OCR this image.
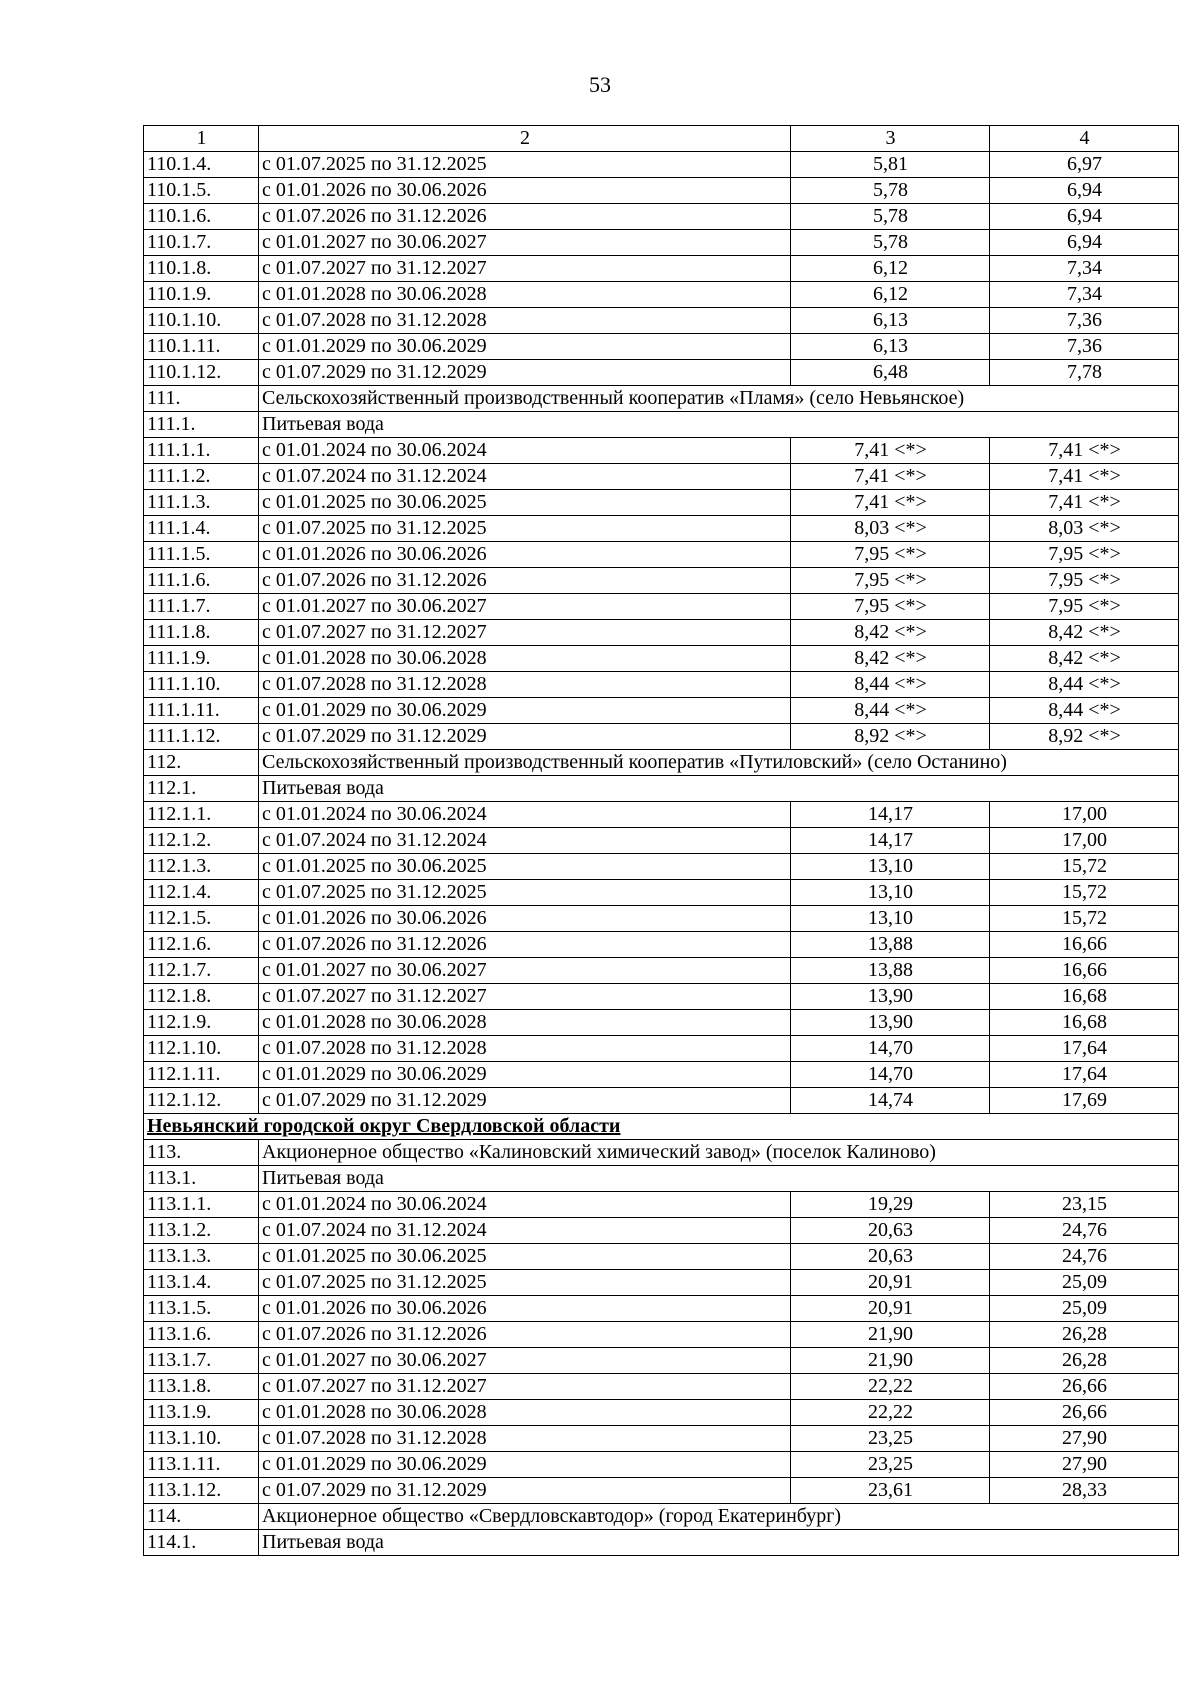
53
1	2	3	4
110.1.4.	с 01.07.2025 по 31.12.2025	5,81	6,97
110.1.5.	с 01.01.2026 по 30.06.2026	5,78	6,94
110.1.6.	с 01.07.2026 по 31.12.2026	5,78	6,94
110.1.7.	с 01.01.2027 по 30.06.2027	5,78	6,94
110.1.8.	с 01.07.2027 по 31.12.2027	6,12	7,34
110.1.9.	с 01.01.2028 по 30.06.2028	6,12	7,34
110.1.10.	с 01.07.2028 по 31.12.2028	6,13	7,36
110.1.11.	с 01.01.2029 по 30.06.2029	6,13	7,36
110.1.12.	с 01.07.2029 по 31.12.2029	6,48	7,78
111.	Сельскохозяйственный производственный кооператив «Пламя» (село Невьянское)		
111.1.	Питьевая вода		
111.1.1.	с 01.01.2024 по 30.06.2024	7,41 <*>	7,41 <*>
111.1.2.	с 01.07.2024 по 31.12.2024	7,41 <*>	7,41 <*>
111.1.3.	с 01.01.2025 по 30.06.2025	7,41 <*>	7,41 <*>
111.1.4.	с 01.07.2025 по 31.12.2025	8,03 <*>	8,03 <*>
111.1.5.	с 01.01.2026 по 30.06.2026	7,95 <*>	7,95 <*>
111.1.6.	с 01.07.2026 по 31.12.2026	7,95 <*>	7,95 <*>
111.1.7.	с 01.01.2027 по 30.06.2027	7,95 <*>	7,95 <*>
111.1.8.	с 01.07.2027 по 31.12.2027	8,42 <*>	8,42 <*>
111.1.9.	с 01.01.2028 по 30.06.2028	8,42 <*>	8,42 <*>
111.1.10.	с 01.07.2028 по 31.12.2028	8,44 <*>	8,44 <*>
111.1.11.	с 01.01.2029 по 30.06.2029	8,44 <*>	8,44 <*>
111.1.12.	с 01.07.2029 по 31.12.2029	8,92 <*>	8,92 <*>
112.	Сельскохозяйственный производственный кооператив «Путиловский» (село Останино)		
112.1.	Питьевая вода		
112.1.1.	с 01.01.2024 по 30.06.2024	14,17	17,00
112.1.2.	с 01.07.2024 по 31.12.2024	14,17	17,00
112.1.3.	с 01.01.2025 по 30.06.2025	13,10	15,72
112.1.4.	с 01.07.2025 по 31.12.2025	13,10	15,72
112.1.5.	с 01.01.2026 по 30.06.2026	13,10	15,72
112.1.6.	с 01.07.2026 по 31.12.2026	13,88	16,66
112.1.7.	с 01.01.2027 по 30.06.2027	13,88	16,66
112.1.8.	с 01.07.2027 по 31.12.2027	13,90	16,68
112.1.9.	с 01.01.2028 по 30.06.2028	13,90	16,68
112.1.10.	с 01.07.2028 по 31.12.2028	14,70	17,64
112.1.11.	с 01.01.2029 по 30.06.2029	14,70	17,64
112.1.12.	с 01.07.2029 по 31.12.2029	14,74	17,69
Невьянский городской округ Свердловской области			
113.	Акционерное общество «Калиновский химический завод» (поселок Калиново)		
113.1.	Питьевая вода		
113.1.1.	с 01.01.2024 по 30.06.2024	19,29	23,15
113.1.2.	с 01.07.2024 по 31.12.2024	20,63	24,76
113.1.3.	с 01.01.2025 по 30.06.2025	20,63	24,76
113.1.4.	с 01.07.2025 по 31.12.2025	20,91	25,09
113.1.5.	с 01.01.2026 по 30.06.2026	20,91	25,09
113.1.6.	с 01.07.2026 по 31.12.2026	21,90	26,28
113.1.7.	с 01.01.2027 по 30.06.2027	21,90	26,28
113.1.8.	с 01.07.2027 по 31.12.2027	22,22	26,66
113.1.9.	с 01.01.2028 по 30.06.2028	22,22	26,66
113.1.10.	с 01.07.2028 по 31.12.2028	23,25	27,90
113.1.11.	с 01.01.2029 по 30.06.2029	23,25	27,90
113.1.12.	с 01.07.2029 по 31.12.2029	23,61	28,33
114.	Акционерное общество «Свердловскавтодор» (город Екатеринбург)		
114.1.	Питьевая вода		
